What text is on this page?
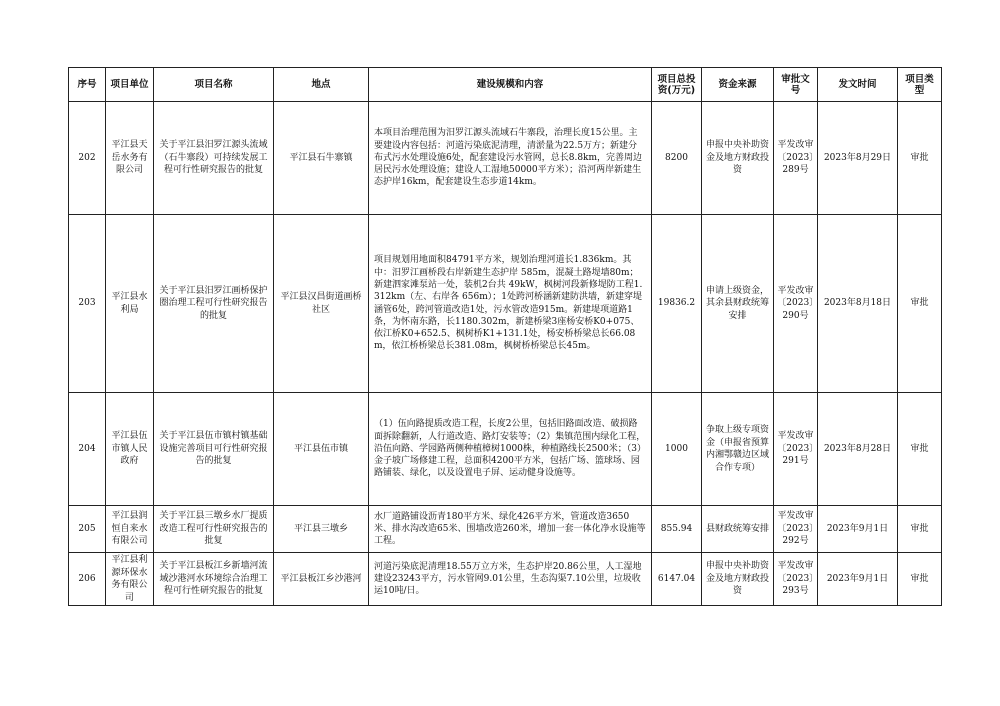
序号	项目单位	项目名称	地点	建设规模和内容	项目总投资(万元)	资金来源	审批文号	发文时间	项目类型
202	平江县天岳水务有限公司	关于平江县汨罗江源头流域（石牛寨段）可持续发展工程可行性研究报告的批复	平江县石牛寨镇	本项目治理范围为汨罗江源头流域石牛寨段，治理长度15公里。主要建设内容包括：河道污染底泥清理，清淤量为22.5万方；新建分布式污水处理设施6处，配套建设污水管网，总长8.8km，完善周边居民污水处理设施；建设人工湿地50000平方米）；沿河两岸新建生态护岸16km，配套建设生态步道14km。	8200	申报中央补助资金及地方财政投资	平发改审〔2023〕289号	2023年8月29日	审批
203	平江县水利局	关于平江县汨罗江画桥保护圈治理工程可行性研究报告的批复	平江县汉昌街道画桥社区	项目规划用地面积84791平方米，规划治理河道长1.836km。其中：汨罗江画桥段右岸新建生态护岸 585m，混凝土路堤墙80m；新建泗家滩泵站一处，装机2台共 49kW，枫树河段新修堤防工程1.312km（左、右岸各 656m）；1处跨河桥涵新建防洪墙，新建穿堤涵管6处，跨河管道改造1处，污水管改造915m。新建堤项道路1条，为怀南东路，长1180.302m，新建桥梁3座杨安桥K0+075、依江桥K0+652.5、枫树桥K1+131.1处，杨安桥桥梁总长66.08m，依江桥桥梁总长381.08m，枫树桥桥梁总长45m。	19836.2	申请上级资金，其余县财政统筹安排	平发改审〔2023〕290号	2023年8月18日	审批
204	平江县伍市镇人民政府	关于平江县伍市镇村镇基础设施完善项目可行性研究报告的批复	平江县伍市镇	（1）伍向路提质改造工程，长度2公里，包括旧路面改造、破损路面拆除翻新，人行道改造、路灯安装等；（2）集镇范围内绿化工程，沿伍向路、学园路两侧种植樟树1000株，种植路线长2500米；（3）金子坡广场修建工程，总面积4200平方米，包括广场、篮球场、园路铺装、绿化，以及设置电子屏、运动健身设施等。	1000	争取上级专项资金（申报省预算内湘鄂赣边区域合作专项）	平发改审〔2023〕291号	2023年8月28日	审批
205	平江县润恒自来水有限公司	关于平江县三墩乡水厂提质改造工程可行性研究报告的批复	平江县三墩乡	水厂道路铺设沥青180平方米、绿化426平方米，管道改造3650米、排水沟改造65米、围墙改造260米，增加一套一体化净水设施等工程。	855.94	县财政统筹安排	平发改审〔2023〕292号	2023年9月1日	审批
206	平江县利源环保水务有限公司	关于平江县板江乡新墙河流域沙港河水环境综合治理工程可行性研究报告的批复	平江县板江乡沙港河	河道污染底泥清理18.55万立方米，生态护岸20.86公里，人工湿地建设23243平方，污水管网9.01公里，生态沟渠7.10公里，垃圾收运10吨/日。	6147.04	申报中央补助资金及地方财政投资	平发改审〔2023〕293号	2023年9月1日	审批
